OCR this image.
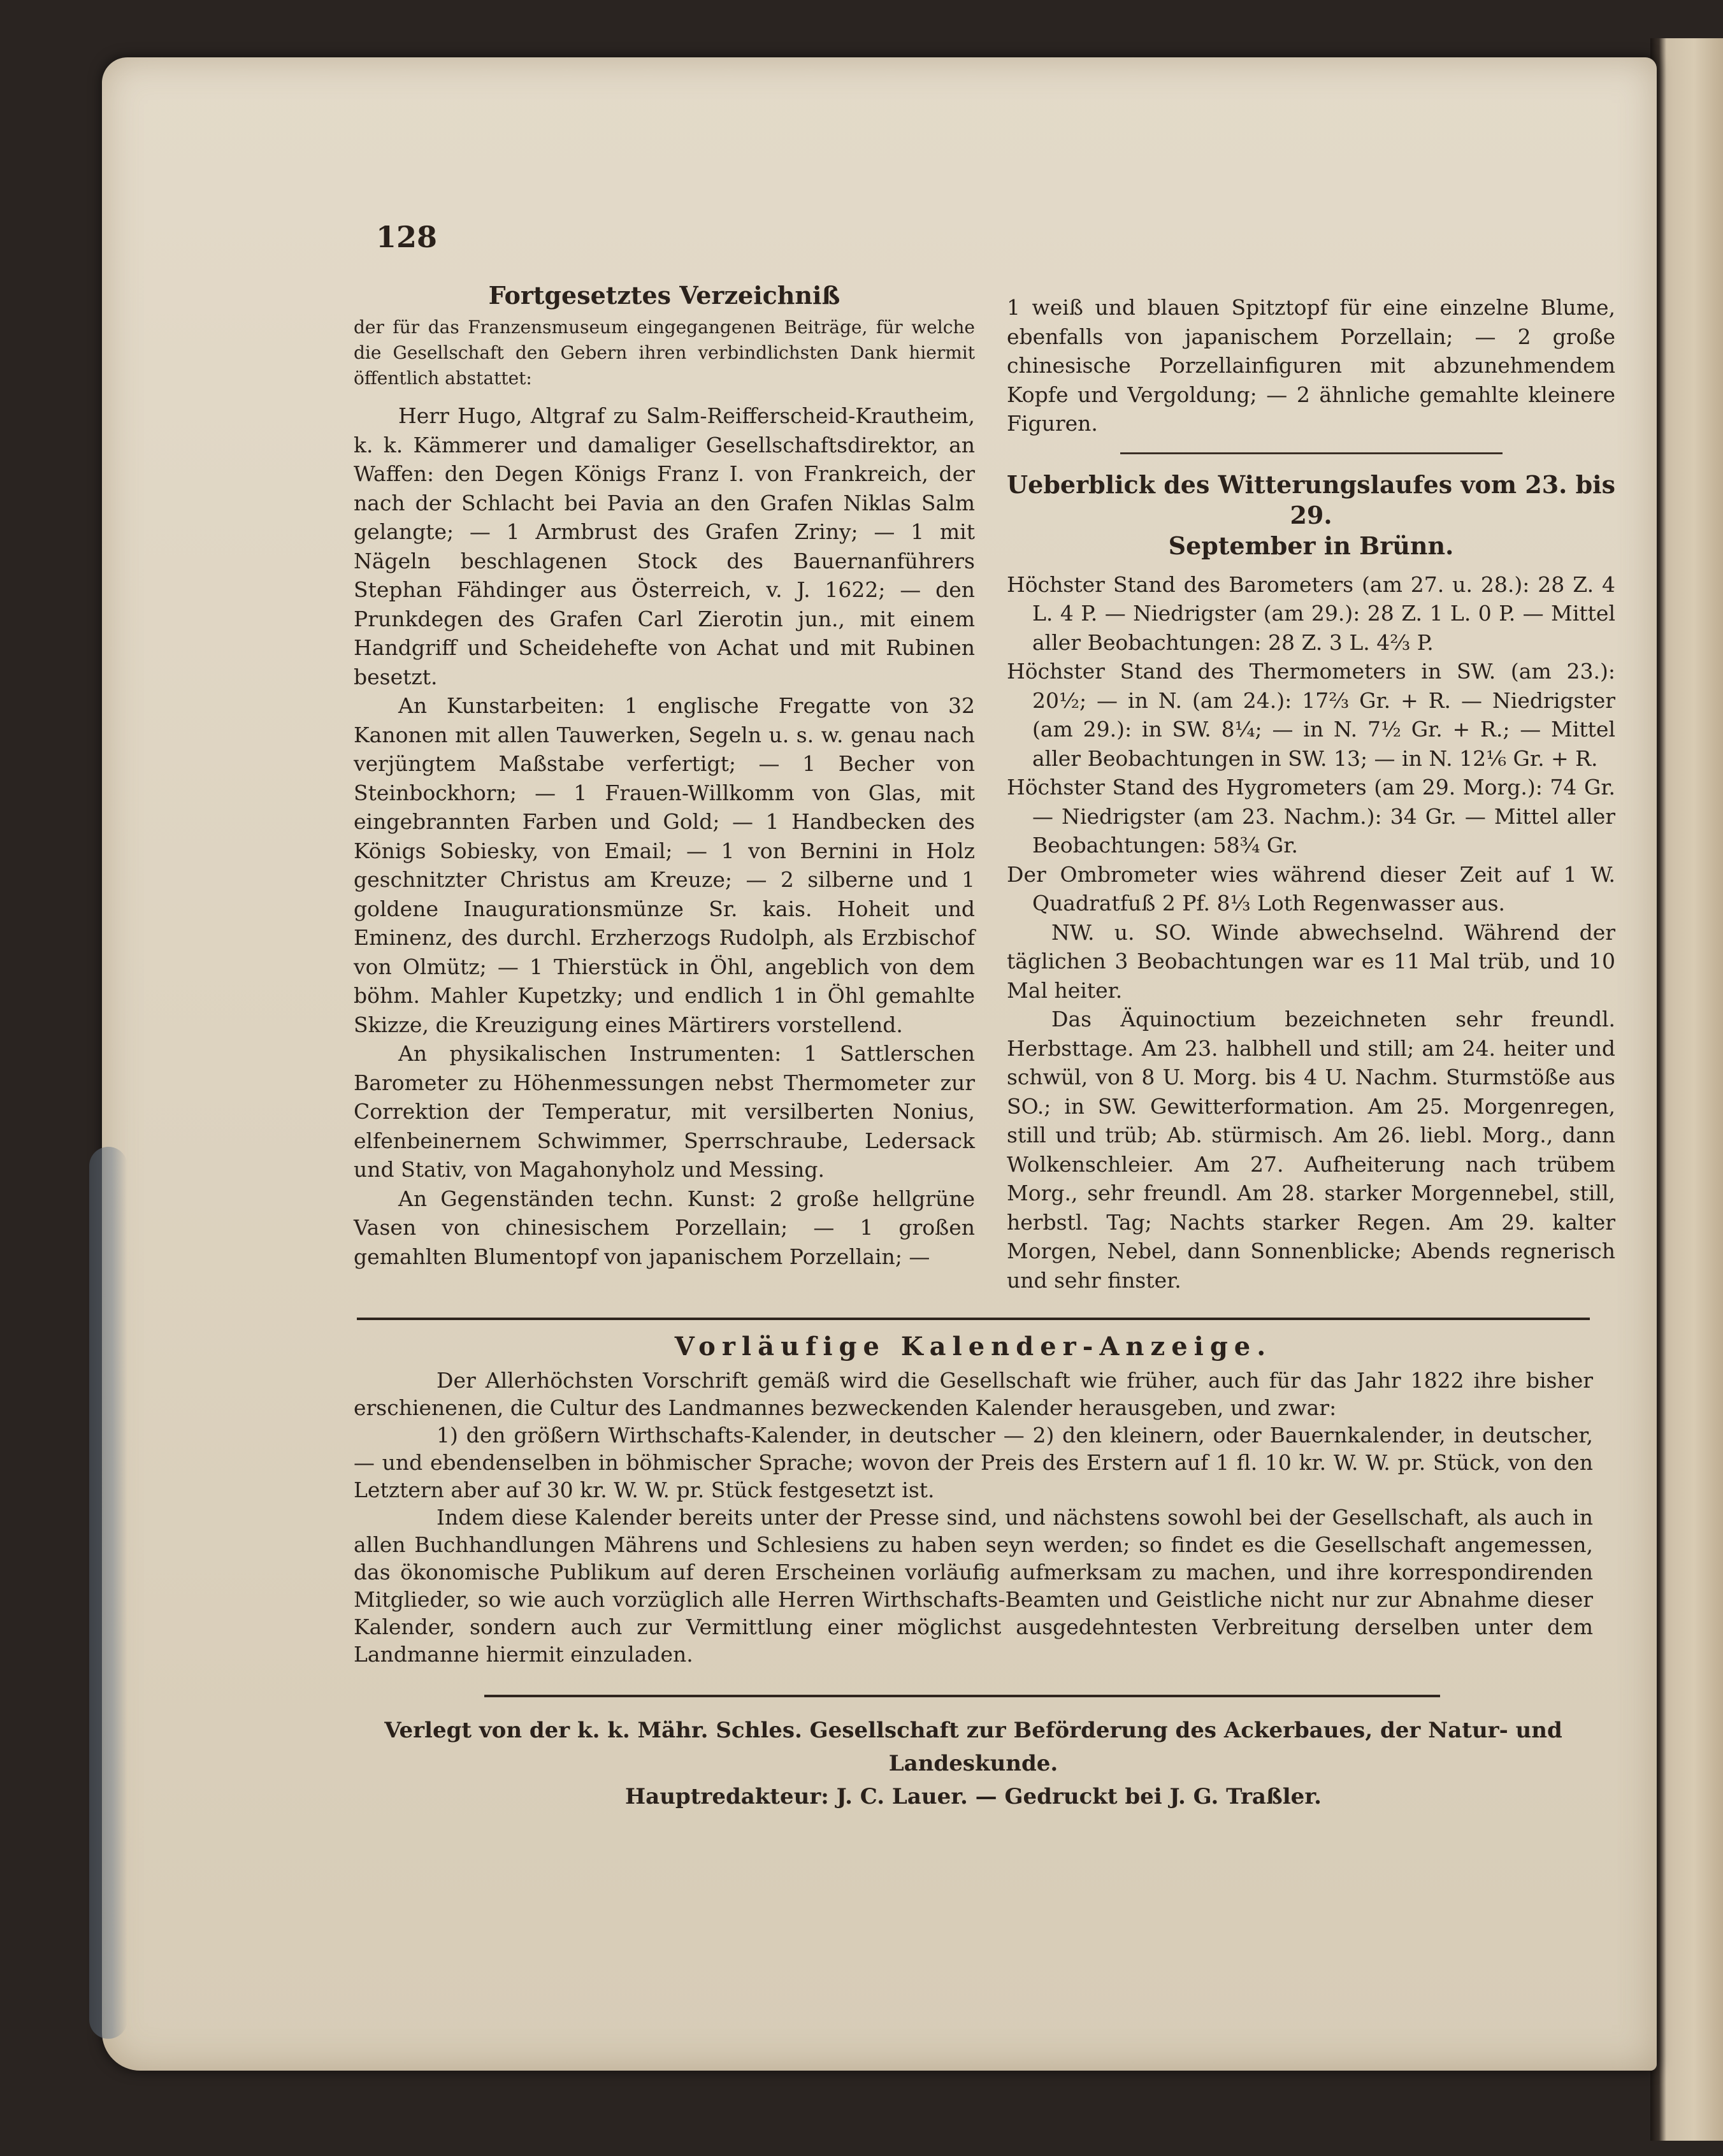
128

Fortgesetztes Verzeichniß

der für das Franzensmuseum eingegangenen Beiträge, für welche die Gesellschaft den Gebern ihren verbindlichsten Dank hiermit öffentlich abstattet:

Herr Hugo, Altgraf zu Salm-Reifferscheid-Krautheim, k. k. Kämmerer und damaliger Gesellschaftsdirektor, an Waffen: den Degen Königs Franz I. von Frankreich, der nach der Schlacht bei Pavia an den Grafen Niklas Salm gelangte; — 1 Armbrust des Grafen Zriny; — 1 mit Nägeln beschlagenen Stock des Bauernanführers Stephan Fähdinger aus Österreich, v. J. 1622; — den Prunkdegen des Grafen Carl Zierotin jun., mit einem Handgriff und Scheidehefte von Achat und mit Rubinen besetzt.

An Kunstarbeiten: 1 englische Fregatte von 32 Kanonen mit allen Tauwerken, Segeln u. s. w. genau nach verjüngtem Maßstabe verfertigt; — 1 Becher von Steinbockhorn; — 1 Frauen-Willkomm von Glas, mit eingebrannten Farben und Gold; — 1 Handbecken des Königs Sobiesky, von Email; — 1 von Bernini in Holz geschnitzter Christus am Kreuze; — 2 silberne und 1 goldene Inaugurationsmünze Sr. kais. Hoheit und Eminenz, des durchl. Erzherzogs Rudolph, als Erzbischof von Olmütz; — 1 Thierstück in Öhl, angeblich von dem böhm. Mahler Kupetzky; und endlich 1 in Öhl gemahlte Skizze, die Kreuzigung eines Märtirers vorstellend.

An physikalischen Instrumenten: 1 Sattlerschen Barometer zu Höhenmessungen nebst Thermometer zur Correktion der Temperatur, mit versilberten Nonius, elfenbeinernem Schwimmer, Sperrschraube, Ledersack und Stativ, von Magahonyholz und Messing.

An Gegenständen techn. Kunst: 2 große hellgrüne Vasen von chinesischem Porzellain; — 1 großen gemahlten Blumentopf von japanischem Porzellain; —

1 weiß und blauen Spitztopf für eine einzelne Blume, ebenfalls von japanischem Porzellain; — 2 große chinesische Porzellainfiguren mit abzunehmendem Kopfe und Vergoldung; — 2 ähnliche gemahlte kleinere Figuren.

Ueberblick des Witterungslaufes vom 23. bis 29.

September in Brünn.

Höchster Stand des Barometers (am 27. u. 28.): 28 Z. 4 L. 4 P. — Niedrigster (am 29.): 28 Z. 1 L. 0 P. — Mittel aller Beobachtungen: 28 Z. 3 L. 4⅔ P.

Höchster Stand des Thermometers in SW. (am 23.): 20½; — in N. (am 24.): 17⅔ Gr. + R. — Niedrigster (am 29.): in SW. 8¼; — in N. 7½ Gr. + R.; — Mittel aller Beobachtungen in SW. 13; — in N. 12⅙ Gr. + R.

Höchster Stand des Hygrometers (am 29. Morg.): 74 Gr. — Niedrigster (am 23. Nachm.): 34 Gr. — Mittel aller Beobachtungen: 58¾ Gr.

Der Ombrometer wies während dieser Zeit auf 1 W. Quadratfuß 2 Pf. 8⅓ Loth Regenwasser aus.

NW. u. SO. Winde abwechselnd. Während der täglichen 3 Beobachtungen war es 11 Mal trüb, und 10 Mal heiter.

Das Äquinoctium bezeichneten sehr freundl. Herbsttage. Am 23. halbhell und still; am 24. heiter und schwül, von 8 U. Morg. bis 4 U. Nachm. Sturmstöße aus SO.; in SW. Gewitterformation. Am 25. Morgenregen, still und trüb; Ab. stürmisch. Am 26. liebl. Morg., dann Wolkenschleier. Am 27. Aufheiterung nach trübem Morg., sehr freundl. Am 28. starker Morgennebel, still, herbstl. Tag; Nachts starker Regen. Am 29. kalter Morgen, Nebel, dann Sonnenblicke; Abends regnerisch und sehr finster.

Vorläufige Kalender-Anzeige.

Der Allerhöchsten Vorschrift gemäß wird die Gesellschaft wie früher, auch für das Jahr 1822 ihre bisher erschienenen, die Cultur des Landmannes bezweckenden Kalender herausgeben, und zwar:

1) den größern Wirthschafts-Kalender, in deutscher — 2) den kleinern, oder Bauernkalender, in deutscher, — und ebendenselben in böhmischer Sprache; wovon der Preis des Erstern auf 1 fl. 10 kr. W. W. pr. Stück, von den Letztern aber auf 30 kr. W. W. pr. Stück festgesetzt ist.

Indem diese Kalender bereits unter der Presse sind, und nächstens sowohl bei der Gesellschaft, als auch in allen Buchhandlungen Mährens und Schlesiens zu haben seyn werden; so findet es die Gesellschaft angemessen, das ökonomische Publikum auf deren Erscheinen vorläufig aufmerksam zu machen, und ihre korrespondirenden Mitglieder, so wie auch vorzüglich alle Herren Wirthschafts-Beamten und Geistliche nicht nur zur Abnahme dieser Kalender, sondern auch zur Vermittlung einer möglichst ausgedehntesten Verbreitung derselben unter dem Landmanne hiermit einzuladen.

Verlegt von der k. k. Mähr. Schles. Gesellschaft zur Beförderung des Ackerbaues, der Natur- und Landeskunde.

Hauptredakteur: J. C. Lauer. — Gedruckt bei J. G. Traßler.
